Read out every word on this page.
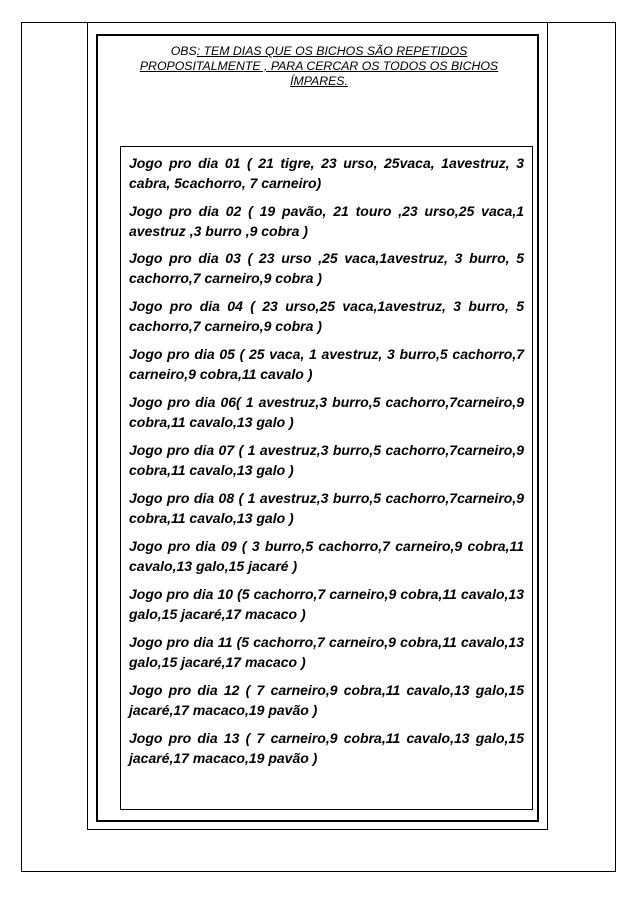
OBS: TEM DIAS QUE OS BICHOS SÃO REPETIDOS
PROPOSITALMENTE , PARA CERCAR OS TODOS OS BICHOS
ÍMPARES.
Jogo pro dia 01 ( 21 tigre, 23 urso, 25vaca, 1avestruz, 3 cabra, 5cachorro, 7 carneiro)
Jogo pro dia 02 ( 19 pavão, 21 touro ,23 urso,25 vaca,1 avestruz ,3 burro ,9 cobra )
Jogo pro dia 03 ( 23 urso ,25 vaca,1avestruz, 3 burro, 5 cachorro,7 carneiro,9 cobra )
Jogo pro dia 04 ( 23 urso,25 vaca,1avestruz, 3 burro, 5 cachorro,7 carneiro,9 cobra )
Jogo pro dia 05 ( 25 vaca, 1 avestruz, 3 burro,5 cachorro,7 carneiro,9 cobra,11 cavalo )
Jogo pro dia 06( 1 avestruz,3 burro,5 cachorro,7carneiro,9 cobra,11 cavalo,13 galo )
Jogo pro dia 07 ( 1 avestruz,3 burro,5 cachorro,7carneiro,9 cobra,11 cavalo,13 galo )
Jogo pro dia 08 ( 1 avestruz,3 burro,5 cachorro,7carneiro,9 cobra,11 cavalo,13 galo )
Jogo pro dia 09 ( 3 burro,5 cachorro,7 carneiro,9 cobra,11 cavalo,13 galo,15 jacaré )
Jogo pro dia 10 (5 cachorro,7 carneiro,9 cobra,11 cavalo,13 galo,15 jacaré,17 macaco )
Jogo pro dia 11 (5 cachorro,7 carneiro,9 cobra,11 cavalo,13 galo,15 jacaré,17 macaco )
Jogo pro dia 12 ( 7 carneiro,9 cobra,11 cavalo,13 galo,15 jacaré,17 macaco,19 pavão )
Jogo pro dia 13 ( 7 carneiro,9 cobra,11 cavalo,13 galo,15 jacaré,17 macaco,19 pavão )
